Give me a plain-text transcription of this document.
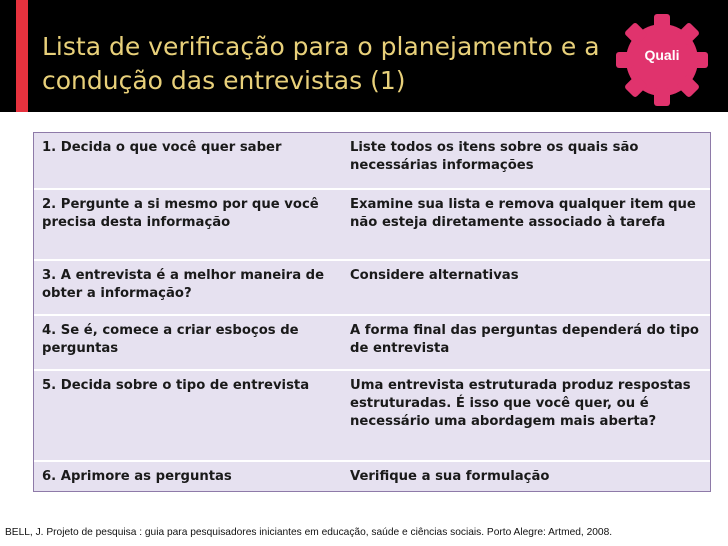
Lista de verificação para o planejamento e a condução das entrevistas (1)
Quali
1. Decida o que você quer saber	Liste todos os itens sobre os quais são necessárias informações
2. Pergunte a si mesmo por que você precisa desta informação	Examine sua lista e remova qualquer item que não esteja diretamente associado à tarefa
3. A entrevista é a melhor maneira de obter a informação?	Considere alternativas
4. Se é, comece a criar esboços de perguntas	A forma final das perguntas dependerá do tipo de entrevista
5. Decida sobre o tipo de entrevista	Uma entrevista estruturada produz respostas estruturadas. É isso que você quer, ou é necessário uma abordagem mais aberta?
6. Aprimore as perguntas	Verifique a sua formulação
BELL, J. Projeto de pesquisa : guia para pesquisadores iniciantes em educação, saúde e ciências sociais. Porto Alegre: Artmed, 2008.
